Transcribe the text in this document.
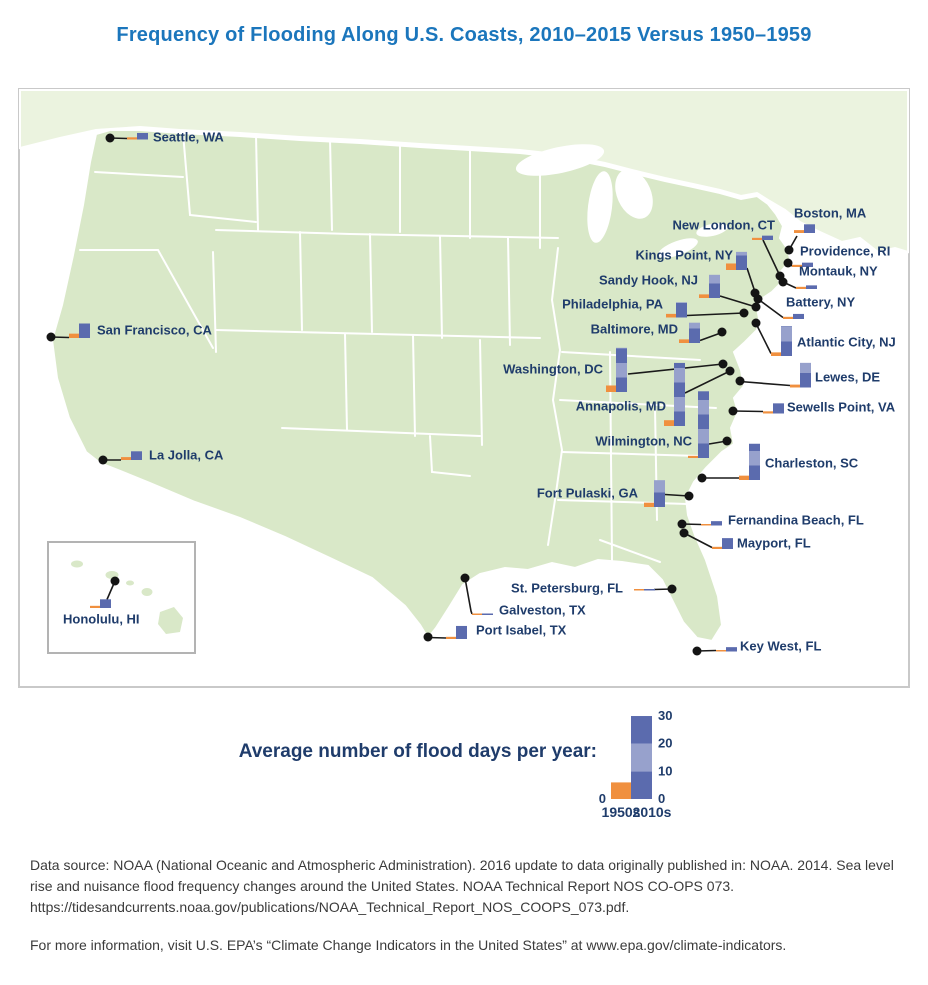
Frequency of Flooding Along U.S. Coasts, 2010–2015 Versus 1950–1959
Seattle, WA
San Francisco, CA
La Jolla, CA
Honolulu, HI
Boston, MA
Providence, RI
New London, CT
Montauk, NY
Kings Point, NY
Battery, NY
Sandy Hook, NJ
Philadelphia, PA
Baltimore, MD
Washington, DC
Annapolis, MD
Wilmington, NC
Atlantic City, NJ
Lewes, DE
Sewells Point, VA
Charleston, SC
Fort Pulaski, GA
Fernandina Beach, FL
Mayport, FL
St. Petersburg, FL
Galveston, TX
Port Isabel, TX
Key West, FL
Average number of flood days per year:
30
20
10
0
0
1950s
2010s
Data source: NOAA (National Oceanic and Atmospheric Administration). 2016 update to data originally published in: NOAA. 2014. Sea level rise and nuisance flood frequency changes around the United States. NOAA Technical Report NOS CO-OPS 073. https://tidesandcurrents.noaa.gov/publications/NOAA_Technical_Report_NOS_COOPS_073.pdf.
For more information, visit U.S. EPA’s “Climate Change Indicators in the United States” at www.epa.gov/climate-indicators.
